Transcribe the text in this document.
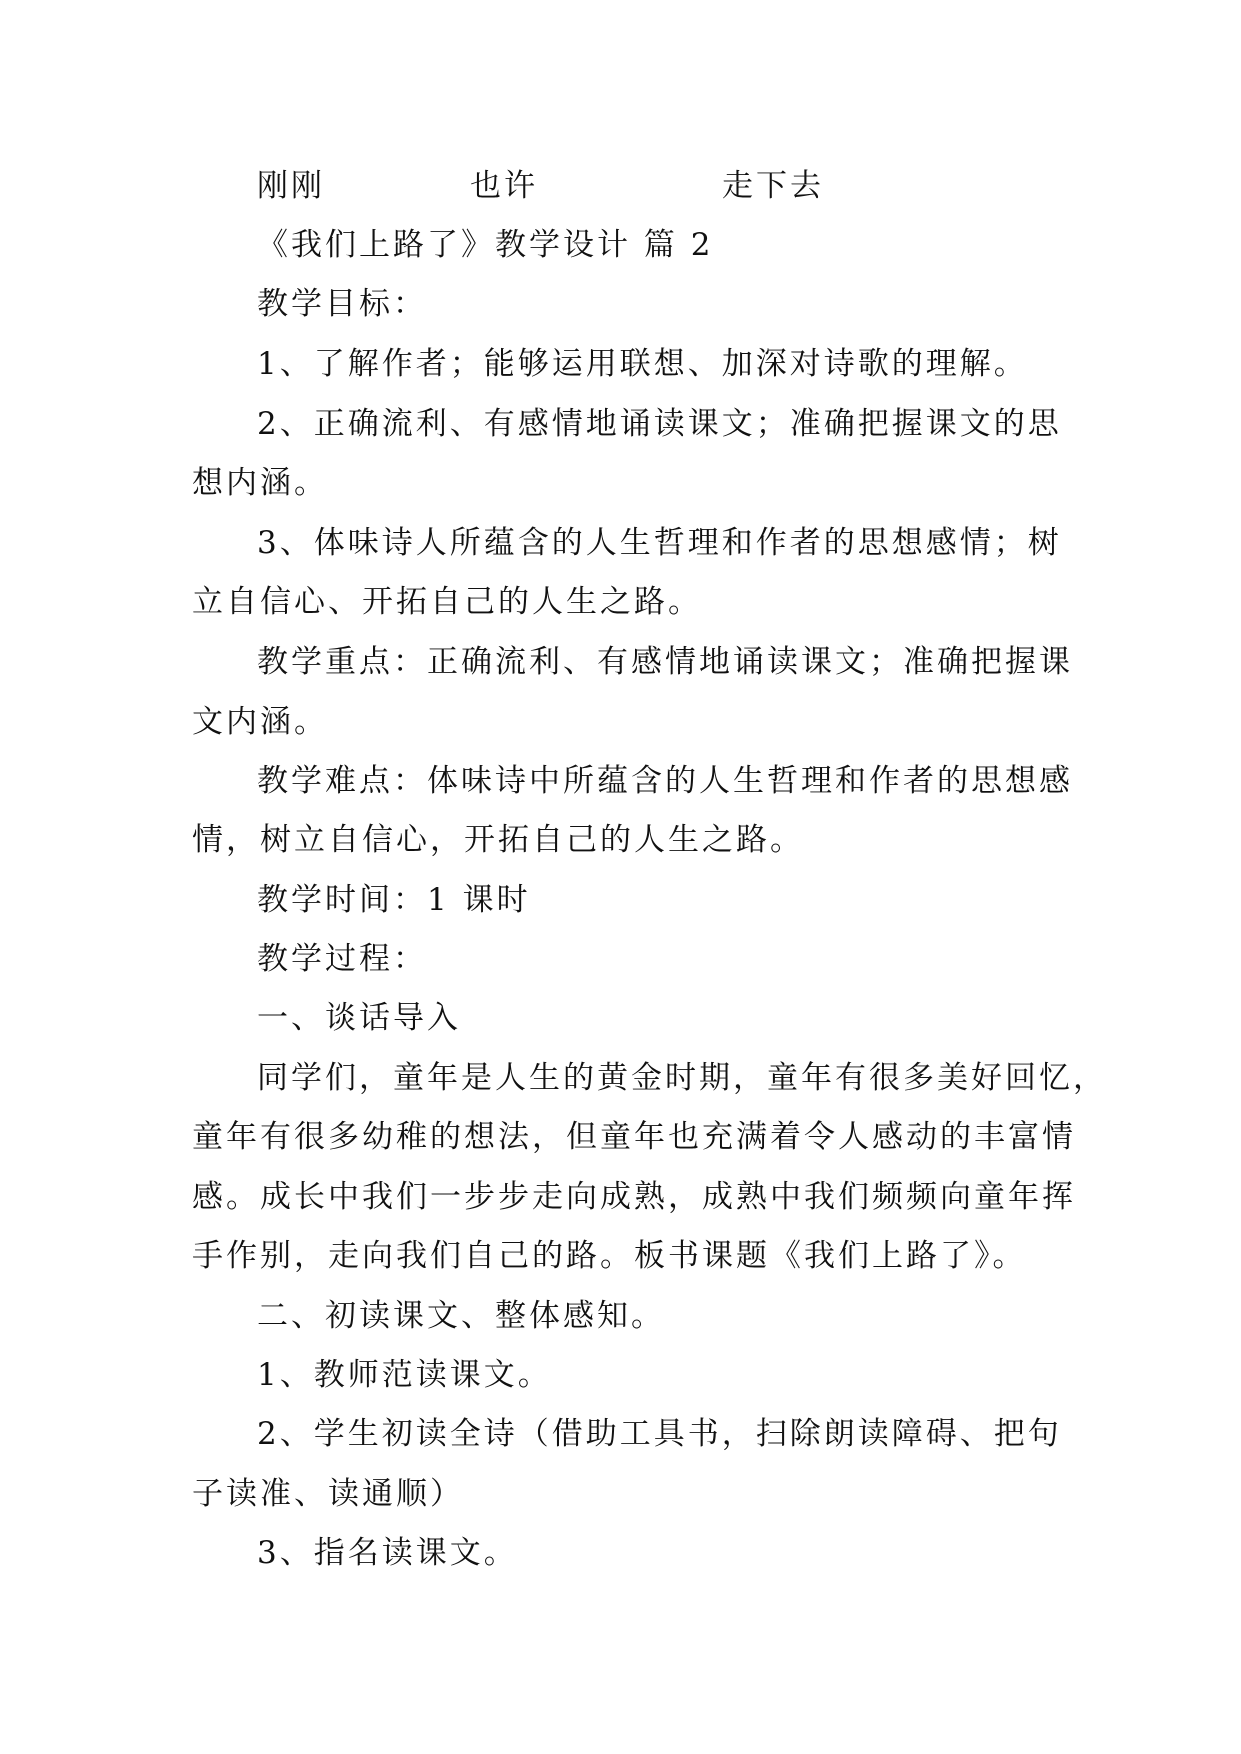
刚刚	也许	走下去
《我们上路了》教学设计 篇 2
教学目标：
1、了解作者；能够运用联想、加深对诗歌的理解。
2、正确流利、有感情地诵读课文；准确把握课文的思
想内涵。
3、体味诗人所蕴含的人生哲理和作者的思想感情；树
立自信心、开拓自己的人生之路。
教学重点：正确流利、有感情地诵读课文；准确把握课
文内涵。
教学难点：体味诗中所蕴含的人生哲理和作者的思想感
情，树立自信心，开拓自己的人生之路。
教学时间：1 课时
教学过程：
一、谈话导入
同学们，童年是人生的黄金时期，童年有很多美好回忆，
童年有很多幼稚的想法，但童年也充满着令人感动的丰富情
感。成长中我们一步步走向成熟，成熟中我们频频向童年挥
手作别，走向我们自己的路。板书课题《我们上路了》。
二、初读课文、整体感知。
1、教师范读课文。
2、学生初读全诗（借助工具书，扫除朗读障碍、把句
子读准、读通顺）
3、指名读课文。
